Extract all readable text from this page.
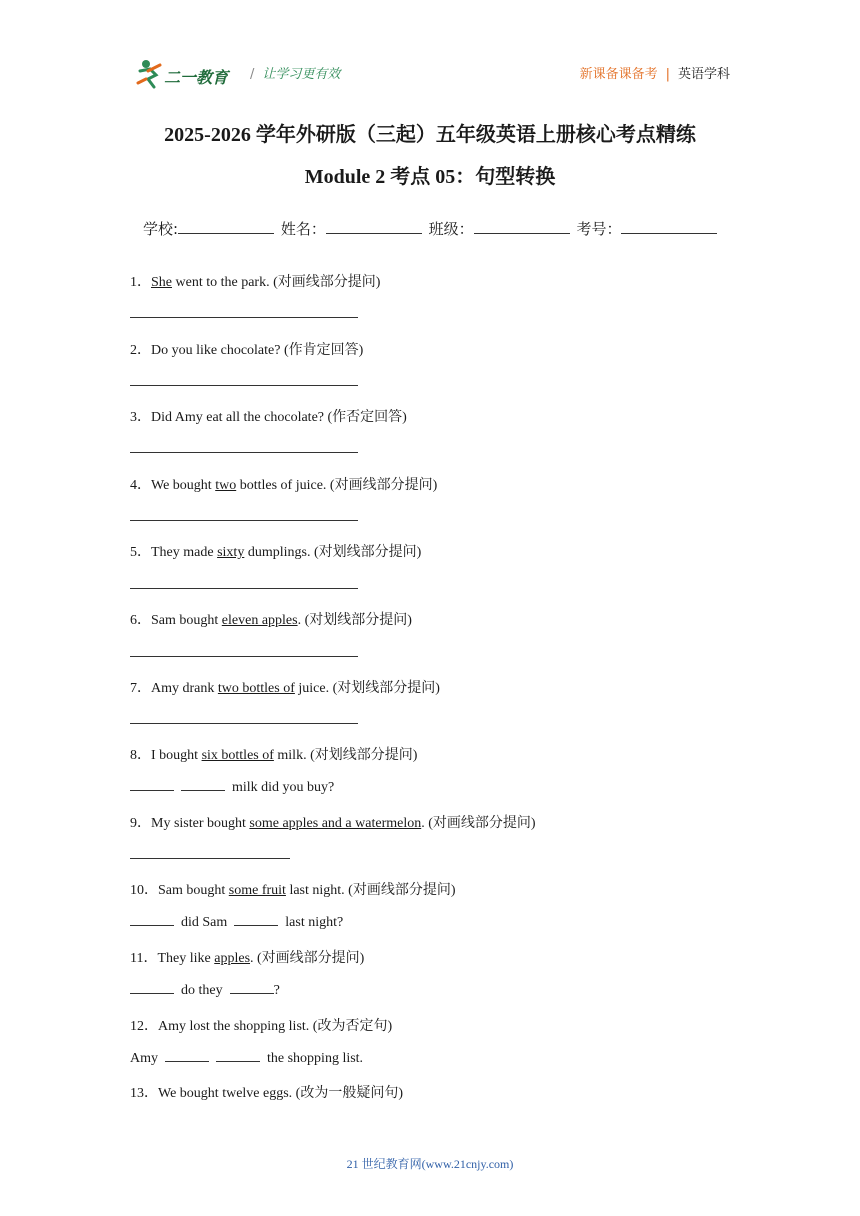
二一教育 / 让学习更有效	新课备课备考 | 英语学科
2025-2026 学年外研版（三起）五年级英语上册核心考点精练
Module 2 考点 05：句型转换
学校:	姓名：	班级：	考号：
1．She went to the park. (对画线部分提问)
2．Do you like chocolate? (作肯定回答)
3．Did Amy eat all the chocolate? (作否定回答)
4．We bought two bottles of juice. (对画线部分提问)
5．They made sixty dumplings. (对划线部分提问)
6．Sam bought eleven apples. (对划线部分提问)
7．Amy drank two bottles of juice. (对划线部分提问)
8．I bought six bottles of milk. (对划线部分提问)
milk did you buy?
9．My sister bought some apples and a watermelon. (对画线部分提问)
10．Sam bought some fruit last night. (对画线部分提问)
did Sam	last night?
11．They like apples. (对画线部分提问)
do they	?
12．Amy lost the shopping list. (改为否定句)
Amy	the shopping list.
13．We bought twelve eggs. (改为一般疑问句)
21 世纪教育网(www.21cnjy.com)
